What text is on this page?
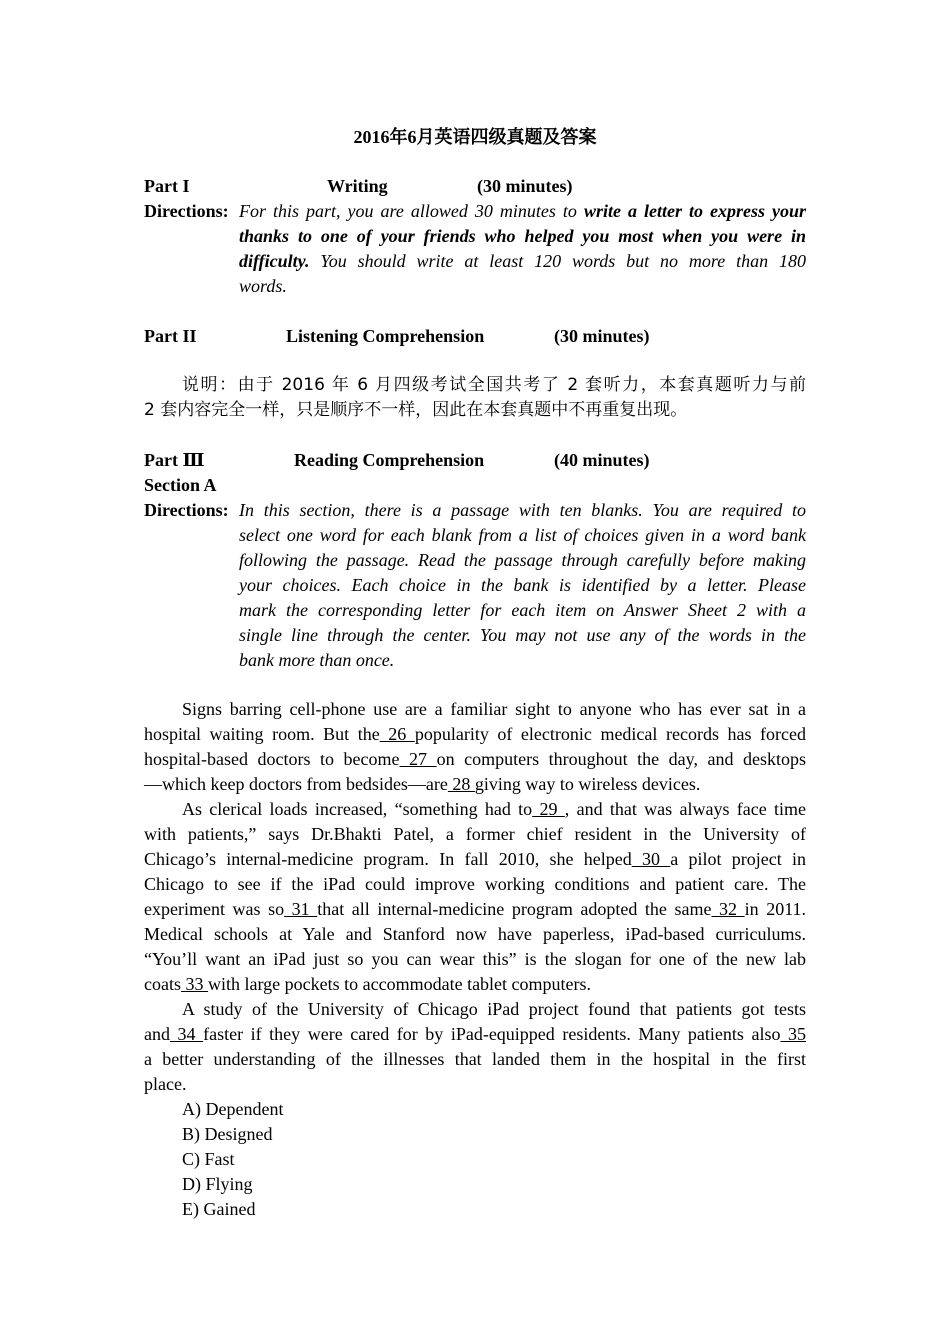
2016年6月英语四级真题及答案
Part I	Writing	(30 minutes)
Directions: For this part, you are allowed 30 minutes to write a letter to express your
thanks to one of your friends who helped you most when you were in
difficulty. You should write at least 120 words but no more than 180
words.
Part II	Listening Comprehension	(30 minutes)
说明：由于 2016 年 6 月四级考试全国共考了 2 套听力，本套真题听力与前
2 套内容完全一样，只是顺序不一样，因此在本套真题中不再重复出现。
Part Ⅲ	Reading Comprehension	(40 minutes)
Section A
Directions: In this section, there is a passage with ten blanks. You are required to
select one word for each blank from a list of choices given in a word bank
following the passage. Read the passage through carefully before making
your choices. Each choice in the bank is identified by a letter. Please
mark the corresponding letter for each item on Answer Sheet 2 with a
single line through the center. You may not use any of the words in the
bank more than once.
Signs barring cell-phone use are a familiar sight to anyone who has ever sat in a
hospital waiting room. But the 26 popularity of electronic medical records has forced
hospital-based doctors to become 27 on computers throughout the day, and desktops
—which keep doctors from bedsides—are 28 giving way to wireless devices.
As clerical loads increased, “something had to 29 , and that was always face time
with patients,” says Dr.Bhakti Patel, a former chief resident in the University of
Chicago’s internal-medicine program. In fall 2010, she helped 30 a pilot project in
Chicago to see if the iPad could improve working conditions and patient care. The
experiment was so 31 that all internal-medicine program adopted the same 32 in 2011.
Medical schools at Yale and Stanford now have paperless, iPad-based curriculums.
“You’ll want an iPad just so you can wear this” is the slogan for one of the new lab
coats 33 with large pockets to accommodate tablet computers.
A study of the University of Chicago iPad project found that patients got tests
and 34 faster if they were cared for by iPad-equipped residents. Many patients also 35
a better understanding of the illnesses that landed them in the hospital in the first
place.
A) Dependent
B) Designed
C) Fast
D) Flying
E) Gained
